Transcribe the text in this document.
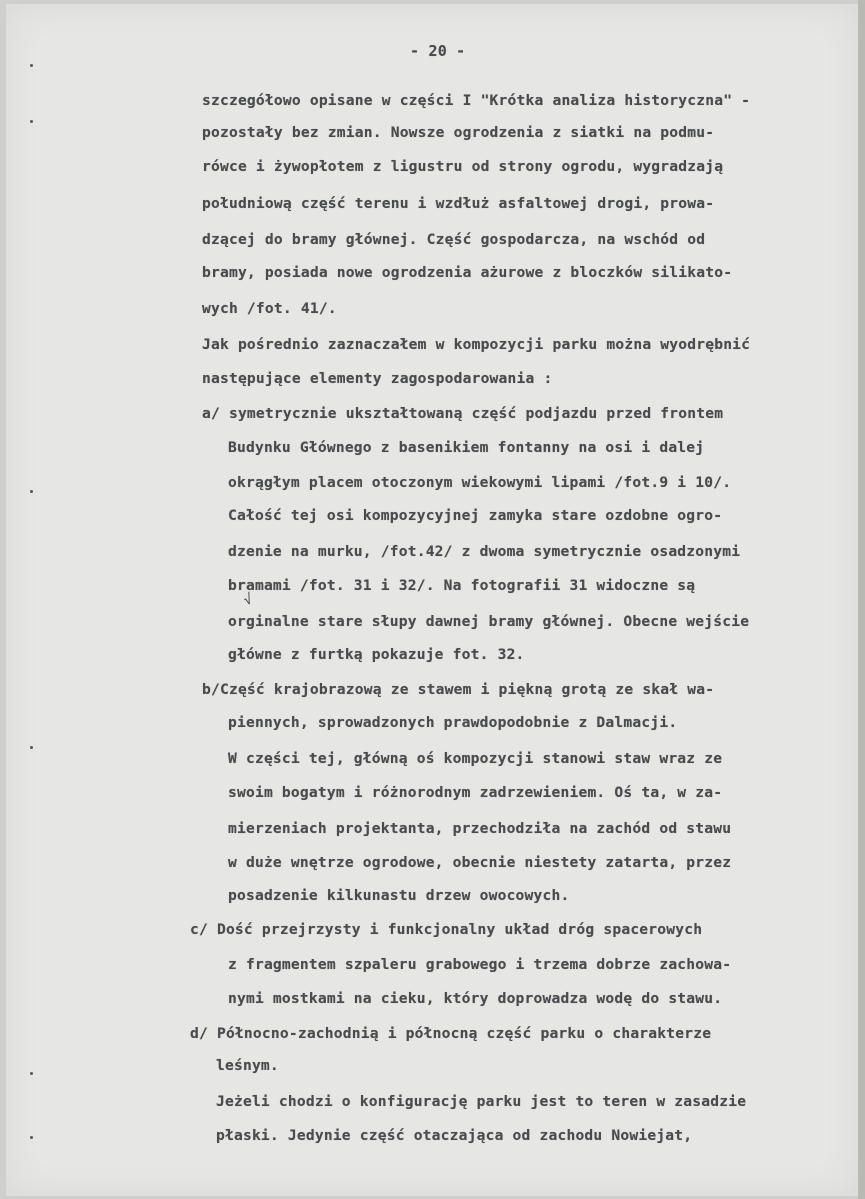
- 20 -
szczegółowo opisane w części I "Krótka analiza historyczna" -
pozostały bez zmian. Nowsze ogrodzenia z siatki na podmu-
rówce i żywopłotem z ligustru od strony ogrodu, wygradzają
południową część terenu i wzdłuż asfaltowej drogi, prowa-
dzącej do bramy głównej. Część gospodarcza, na wschód od
bramy, posiada nowe ogrodzenia ażurowe z bloczków silikato-
wych /fot. 41/.
Jak pośrednio zaznaczałem w kompozycji parku można wyodrębnić
następujące elementy zagospodarowania :
a/ symetrycznie ukształtowaną część podjazdu przed frontem
Budynku Głównego z basenikiem fontanny na osi i dalej
okrągłym placem otoczonym wiekowymi lipami /fot.9 i 10/.
Całość tej osi kompozycyjnej zamyka stare ozdobne ogro-
dzenie na murku, /fot.42/ z dwoma symetrycznie osadzonymi
bramami /fot. 31 i 32/. Na fotografii 31 widoczne są
orginalne stare słupy dawnej bramy głównej. Obecne wejście
główne z furtką pokazuje fot. 32.
b/Część krajobrazową ze stawem i piękną grotą ze skał wa-
piennych, sprowadzonych prawdopodobnie z Dalmacji.
W części tej, główną oś kompozycji stanowi staw wraz ze
swoim bogatym i różnorodnym zadrzewieniem. Oś ta, w za-
mierzeniach projektanta, przechodziła na zachód od stawu
w duże wnętrze ogrodowe, obecnie niestety zatarta, przez
posadzenie kilkunastu drzew owocowych.
c/ Dość przejrzysty i funkcjonalny układ dróg spacerowych
z fragmentem szpaleru grabowego i trzema dobrze zachowa-
nymi mostkami na cieku, który doprowadza wodę do stawu.
d/ Północno-zachodnią i północną część parku o charakterze
leśnym.
Jeżeli chodzi o konfigurację parku jest to teren w zasadzie
płaski. Jedynie część otaczająca od zachodu Nowiejat,
√
